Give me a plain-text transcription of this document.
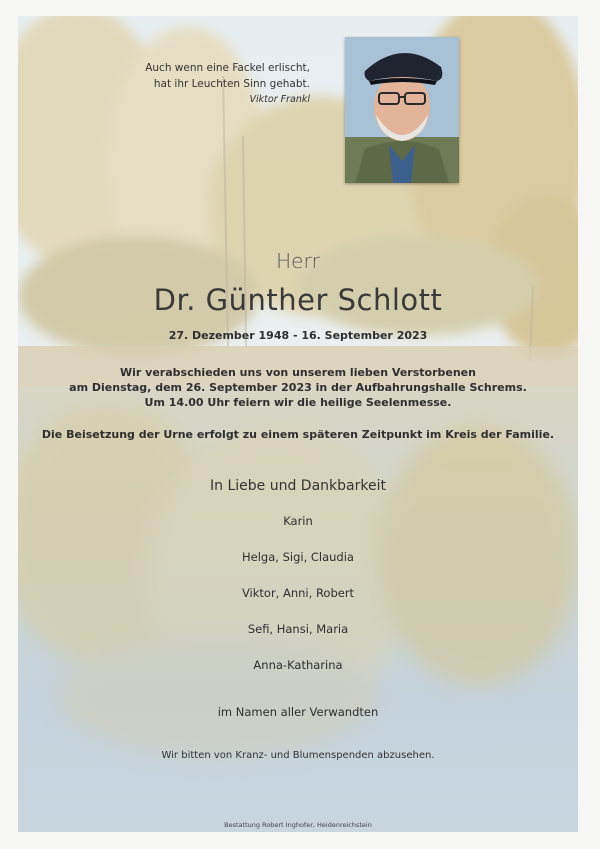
Auch wenn eine Fackel erlischt,
hat ihr Leuchten Sinn gehabt.
Viktor Frankl
Herr
Dr. Günther Schlott
27. Dezember 1948 - 16. September 2023
Wir verabschieden uns von unserem lieben Verstorbenen
am Dienstag, dem 26. September 2023 in der Aufbahrungshalle Schrems.
Um 14.00 Uhr feiern wir die heilige Seelenmesse.
Die Beisetzung der Urne erfolgt zu einem späteren Zeitpunkt im Kreis der Familie.
In Liebe und Dankbarkeit
Karin
Helga, Sigi, Claudia
Viktor, Anni, Robert
Sefi, Hansi, Maria
Anna-Katharina
im Namen aller Verwandten
Wir bitten von Kranz- und Blumenspenden abzusehen.
Bestattung Robert Inghofer, Heidenreichstein
